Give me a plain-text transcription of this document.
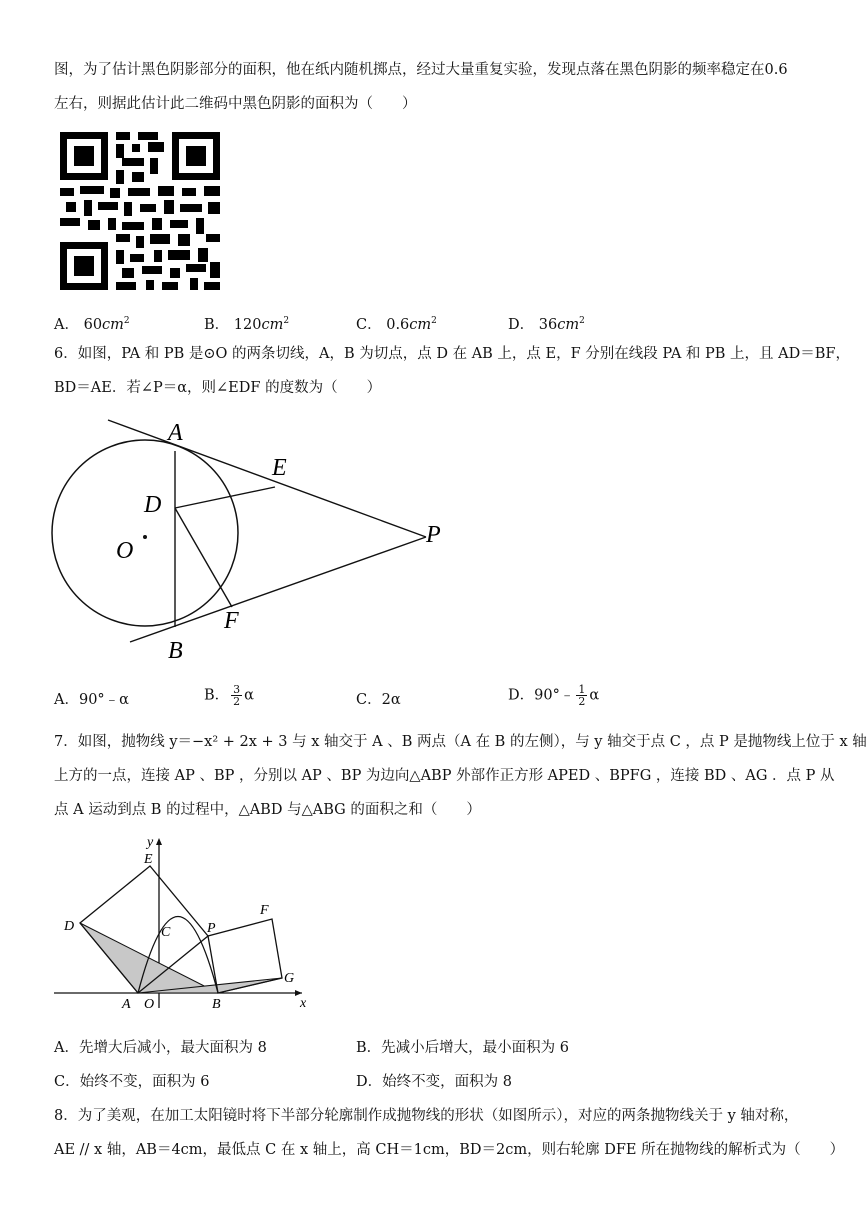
图，为了估计黑色阴影部分的面积，他在纸内随机掷点，经过大量重复实验，发现点落在黑色阴影的频率稳定在0.6
左右，则据此估计此二维码中黑色阴影的面积为（　　）
A． $60cm^2$	B． $120cm^2$	C． $0.6cm^2$	D． $36cm^2$
6．如图，PA 和 PB 是⊙O 的两条切线，A，B 为切点，点 D 在 AB 上，点 E，F 分别在线段 PA 和 PB 上，且 AD＝BF，
BD＝AE．若∠P＝α，则∠EDF 的度数为（　　）
A
E
D
P
O
F
B
A．90°﹣α	B． $\frac{3}{2}$ α	C．2α	D．90°﹣ $\frac{1}{2}$ α
7．如图，抛物线 y＝−x² + 2x + 3 与 x 轴交于 A 、B 两点（A 在 B 的左侧），与 y 轴交于点 C ，点 P 是抛物线上位于 x 轴
上方的一点，连接 AP 、BP ，分别以 AP 、BP 为边向△ABP 外部作正方形 APED 、BPFG ，连接 BD 、AG ．点 P 从
点 A 运动到点 B 的过程中，△ABD 与△ABG 的面积之和（　　）
y
E
D	C	P
F
G
A O	B	x
A．先增大后减小，最大面积为 8	B．先减小后增大，最小面积为 6
C．始终不变，面积为 6	D．始终不变，面积为 8
8．为了美观，在加工太阳镜时将下半部分轮廓制作成抛物线的形状（如图所示），对应的两条抛物线关于 y 轴对称，
AE // x 轴，AB＝4cm，最低点 C 在 x 轴上，高 CH＝1cm，BD＝2cm，则右轮廓 DFE 所在抛物线的解析式为（　　）
